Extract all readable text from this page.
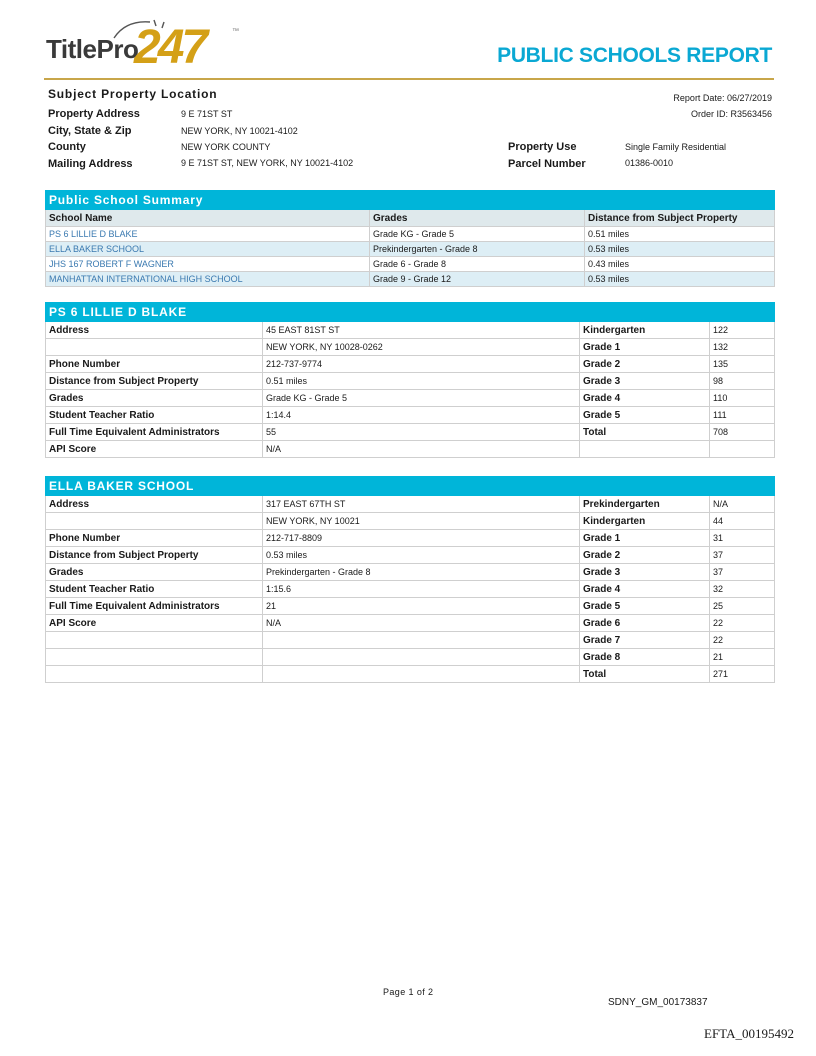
TitlePro
247	™
PUBLIC SCHOOLS REPORT
Subject Property Location	Report Date: 06/27/2019
Order ID: R3563456
Property Address	9 E 71ST ST
City, State & Zip	NEW YORK, NY 10021-4102
County	NEW YORK COUNTY
Mailing Address	9 E 71ST ST, NEW YORK, NY 10021-4102
Property Use	Single Family Residential
Parcel Number	01386-0010
Public School Summary		
School Name	Grades	Distance from Subject Property
PS 6 LILLIE D BLAKE	Grade KG - Grade 5	0.51 miles
ELLA BAKER SCHOOL	Prekindergarten - Grade 8	0.53 miles
JHS 167 ROBERT F WAGNER	Grade 6 - Grade 8	0.43 miles
MANHATTAN INTERNATIONAL HIGH SCHOOL	Grade 9 - Grade 12	0.53 miles
PS 6 LILLIE D BLAKE			
Address	45 EAST 81ST ST	Kindergarten	122
	NEW YORK, NY 10028-0262	Grade 1	132
Phone Number	212-737-9774	Grade 2	135
Distance from Subject Property	0.51 miles	Grade 3	98
Grades	Grade KG - Grade 5	Grade 4	110
Student Teacher Ratio	1:14.4	Grade 5	111
Full Time Equivalent Administrators	55	Total	708
API Score	N/A		
ELLA BAKER SCHOOL			
Address	317 EAST 67TH ST	Prekindergarten	N/A
	NEW YORK, NY 10021	Kindergarten	44
Phone Number	212-717-8809	Grade 1	31
Distance from Subject Property	0.53 miles	Grade 2	37
Grades	Prekindergarten - Grade 8	Grade 3	37
Student Teacher Ratio	1:15.6	Grade 4	32
Full Time Equivalent Administrators	21	Grade 5	25
API Score	N/A	Grade 6	22
		Grade 7	22
		Grade 8	21
		Total	271
Page 1 of 2
SDNY_GM_00173837
EFTA_00195492
